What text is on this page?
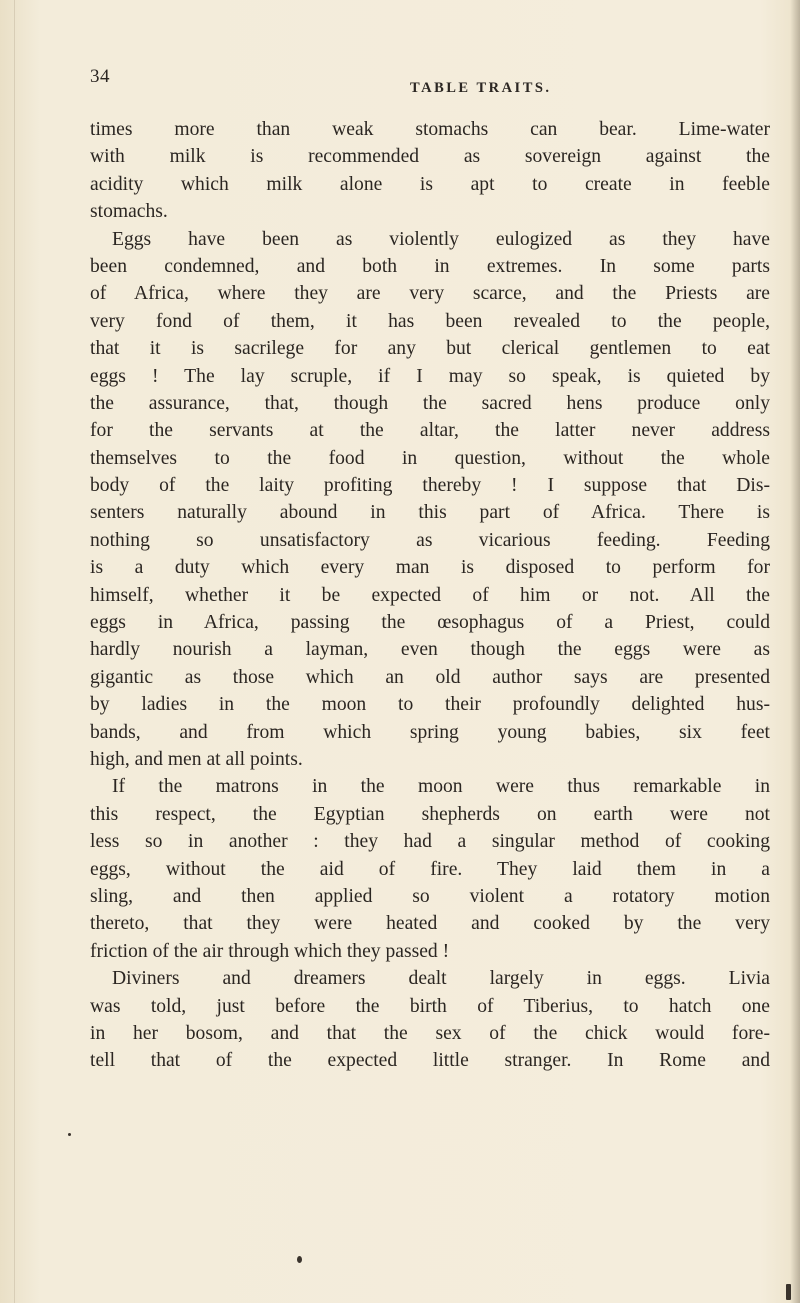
34
TABLE TRAITS.
times more than weak stomachs can bear. Lime-water
with milk is recommended as sovereign against the
acidity which milk alone is apt to create in feeble
stomachs.
Eggs have been as violently eulogized as they have
been condemned, and both in extremes. In some parts
of Africa, where they are very scarce, and the Priests are
very fond of them, it has been revealed to the people,
that it is sacrilege for any but clerical gentlemen to eat
eggs ! The lay scruple, if I may so speak, is quieted by
the assurance, that, though the sacred hens produce only
for the servants at the altar, the latter never address
themselves to the food in question, without the whole
body of the laity profiting thereby ! I suppose that Dis-
senters naturally abound in this part of Africa. There is
nothing so unsatisfactory as vicarious feeding. Feeding
is a duty which every man is disposed to perform for
himself, whether it be expected of him or not. All the
eggs in Africa, passing the œsophagus of a Priest, could
hardly nourish a layman, even though the eggs were as
gigantic as those which an old author says are presented
by ladies in the moon to their profoundly delighted hus-
bands, and from which spring young babies, six feet
high, and men at all points.
If the matrons in the moon were thus remarkable in
this respect, the Egyptian shepherds on earth were not
less so in another : they had a singular method of cooking
eggs, without the aid of fire. They laid them in a
sling, and then applied so violent a rotatory motion
thereto, that they were heated and cooked by the very
friction of the air through which they passed !
Diviners and dreamers dealt largely in eggs. Livia
was told, just before the birth of Tiberius, to hatch one
in her bosom, and that the sex of the chick would fore-
tell that of the expected little stranger. In Rome and
